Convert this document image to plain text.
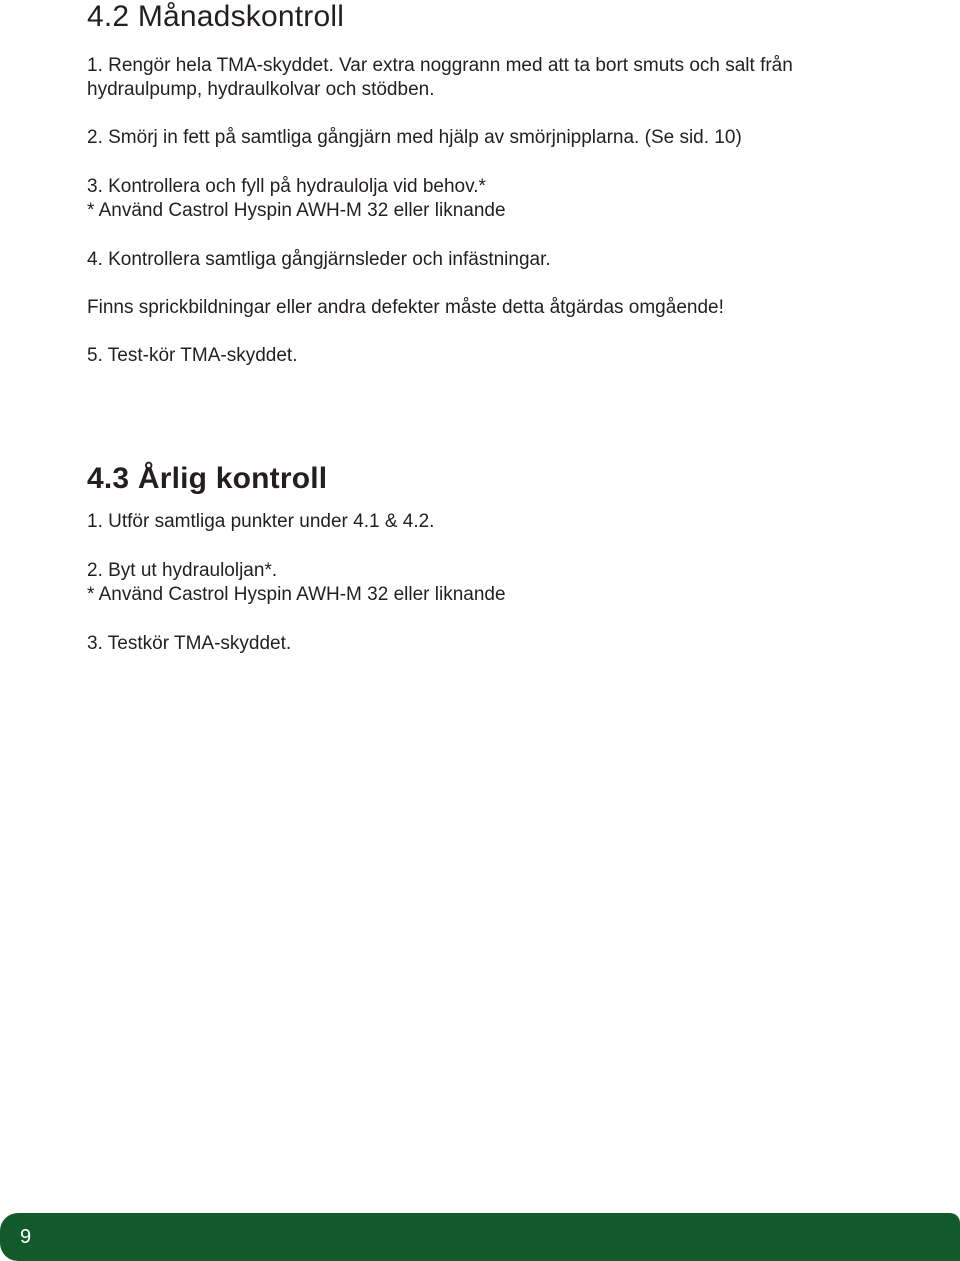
4.2 Månadskontroll

1. Rengör hela TMA-skyddet. Var extra noggrann med att ta bort smuts och salt från

hydraulpump, hydraulkolvar och stödben.

2. Smörj in fett på samtliga gångjärn med hjälp av smörjnipplarna. (Se sid. 10)

3. Kontrollera och fyll på hydraulolja vid behov.*

* Använd Castrol Hyspin AWH-M 32 eller liknande

4. Kontrollera samtliga gångjärnsleder och infästningar.

Finns sprickbildningar eller andra defekter måste detta åtgärdas omgående!

5. Test-kör TMA-skyddet.

4.3 Årlig kontroll

1. Utför samtliga punkter under 4.1 & 4.2.

2. Byt ut hydrauloljan*.

* Använd Castrol Hyspin AWH-M 32 eller liknande

3. Testkör TMA-skyddet.

9
